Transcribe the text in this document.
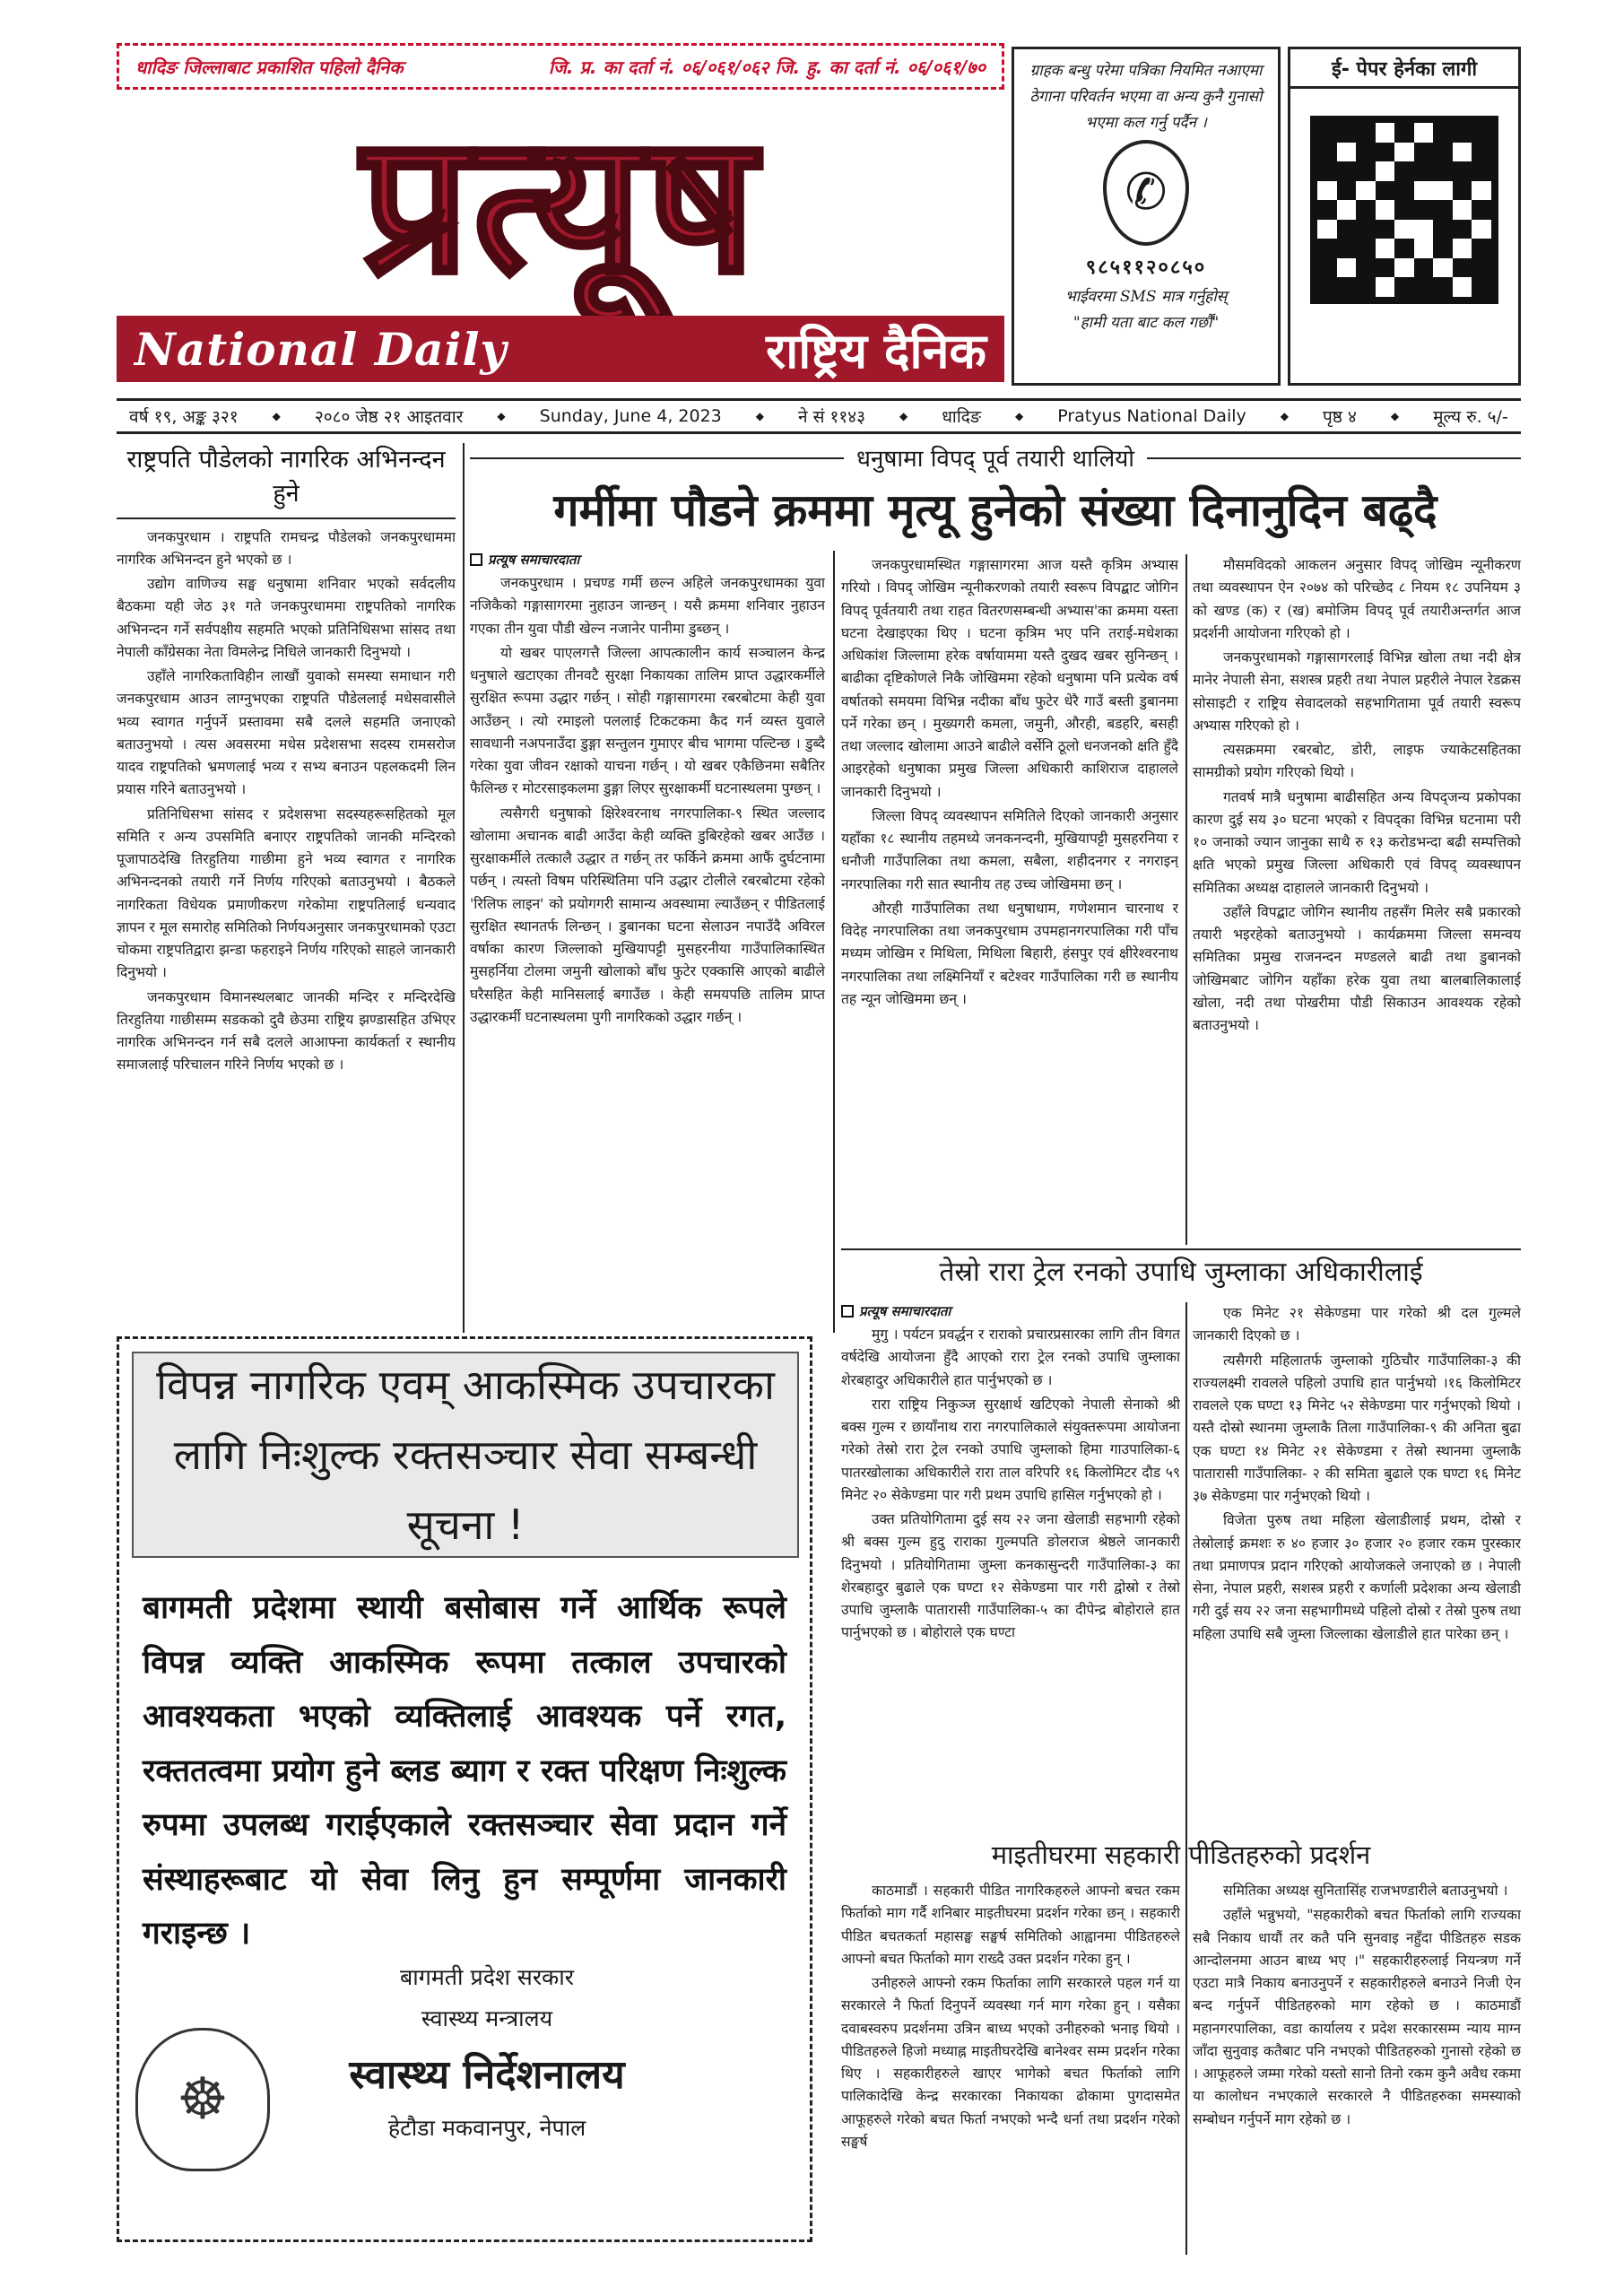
धादिङ जिल्लाबाट प्रकाशित पहिलो दैनिक	जि. प्र. का दर्ता नं. ०६/०६१/०६२ जि. हु. का दर्ता नं. ०६/०६१/७०
प्रत्यूष
National Daily	राष्ट्रिय दैनिक
ग्राहक बन्धु परेमा पत्रिका नियमित नआएमा ठेगाना परिवर्तन भएमा वा अन्य कुनै गुनासो भएमा कल गर्नु पर्दैन ।
✆
९८५११२०८५०
भाईवरमा SMS मात्र गर्नुहोस्
"हामी यता बाट कल गर्छौं"
ई- पेपर हेर्नका लागी
वर्ष १९, अङ्क ३२१	◆ २०८० जेष्ठ २१ आइतवार	◆ Sunday, June 4, 2023	◆ ने सं ११४३	◆ धादिङ	◆ Pratyus National Daily	◆ पृष्ठ ४	◆ मूल्य रु. ५/-
राष्ट्रपति पौडेलको नागरिक अभिनन्दन हुने

जनकपुरधाम । राष्ट्रपति रामचन्द्र पौडेलको जनकपुरधाममा नागरिक अभिनन्दन हुने भएको छ ।

उद्योग वाणिज्य सङ्घ धनुषामा शनिवार भएको सर्वदलीय बैठकमा यही जेठ ३१ गते जनकपुरधाममा राष्ट्रपतिको नागरिक अभिनन्दन गर्ने सर्वपक्षीय सहमति भएको प्रतिनिधिसभा सांसद तथा नेपाली काँग्रेसका नेता विमलेन्द्र निधिले जानकारी दिनुभयो ।

उहाँले नागरिकताविहीन लाखौं युवाको समस्या समाधान गरी जनकपुरधाम आउन लाग्नुभएका राष्ट्रपति पौडेललाई मधेसवासीले भव्य स्वागत गर्नुपर्ने प्रस्तावमा सबै दलले सहमति जनाएको बताउनुभयो । त्यस अवसरमा मधेस प्रदेशसभा सदस्य रामसरोज यादव राष्ट्रपतिको भ्रमणलाई भव्य र सभ्य बनाउन पहलकदमी लिन प्रयास गरिने बताउनुभयो ।

प्रतिनिधिसभा सांसद र प्रदेशसभा सदस्यहरूसहितको मूल समिति र अन्य उपसमिति बनाएर राष्ट्रपतिको जानकी मन्दिरको पूजापाठदेखि तिरहुतिया गाछीमा हुने भव्य स्वागत र नागरिक अभिनन्दनको तयारी गर्ने निर्णय गरिएको बताउनुभयो । बैठकले नागरिकता विधेयक प्रमाणीकरण गरेकोमा राष्ट्रपतिलाई धन्यवाद ज्ञापन र मूल समारोह समितिको निर्णयअनुसार जनकपुरधामको एउटा चोकमा राष्ट्रपतिद्वारा झन्डा फहराइने निर्णय गरिएको साहले जानकारी दिनुभयो ।

जनकपुरधाम विमानस्थलबाट जानकी मन्दिर र मन्दिरदेखि तिरहुतिया गाछीसम्म सडकको दुवै छेउमा राष्ट्रिय झण्डासहित उभिएर नागरिक अभिनन्दन गर्न सबै दलले आआफ्ना कार्यकर्ता र स्थानीय समाजलाई परिचालन गरिने निर्णय भएको छ ।

धनुषामा विपद् पूर्व तयारी थालियो
गर्मीमा पौडने क्रममा मृत्यू हुनेको संख्या दिनानुदिन बढ्दै
प्रत्यूष समाचारदाता

जनकपुरधाम । प्रचण्ड गर्मी छल्न अहिले जनकपुरधामका युवा नजिकैको गङ्गासागरमा नुहाउन जान्छन् । यसै क्रममा शनिवार नुहाउन गएका तीन युवा पौडी खेल्न नजानेर पानीमा डुब्छन् ।

यो खबर पाएलगत्तै जिल्ला आपत्कालीन कार्य सञ्चालन केन्द्र धनुषाले खटाएका तीनवटै सुरक्षा निकायका तालिम प्राप्त उद्धारकर्मीले सुरक्षित रूपमा उद्धार गर्छन् । सोही गङ्गासागरमा रबरबोटमा केही युवा आउँछन् । त्यो रमाइलो पललाई टिकटकमा कैद गर्न व्यस्त युवाले सावधानी नअपनाउँदा डुङ्गा सन्तुलन गुमाएर बीच भागमा पल्टिन्छ । डुब्दै गरेका युवा जीवन रक्षाको याचना गर्छन् । यो खबर एकैछिनमा सबैतिर फैलिन्छ र मोटरसाइकलमा डुङ्गा लिएर सुरक्षाकर्मी घटनास्थलमा पुग्छन् ।

त्यसैगरी धनुषाको क्षिरेश्वरनाथ नगरपालिका-९ स्थित जल्लाद खोलामा अचानक बाढी आउँदा केही व्यक्ति डुबिरहेको खबर आउँछ । सुरक्षाकर्मीले तत्कालै उद्धार त गर्छन् तर फर्किने क्रममा आफैं दुर्घटनामा पर्छन् । त्यस्तो विषम परिस्थितिमा पनि उद्धार टोलीले रबरबोटमा रहेको 'रिलिफ लाइन' को प्रयोगगरी सामान्य अवस्थामा ल्याउँछन् र पीडितलाई सुरक्षित स्थानतर्फ लिन्छन् । डुबानका घटना सेलाउन नपाउँदै अविरल वर्षाका कारण जिल्लाको मुखियापट्टी मुसहरनीया गाउँपालिकास्थित मुसहर्निया टोलमा जमुनी खोलाको बाँध फुटेर एक्कासि आएको बाढीले घरैसहित केही मानिसलाई बगाउँछ । केही समयपछि तालिम प्राप्त उद्धारकर्मी घटनास्थलमा पुगी नागरिकको उद्धार गर्छन् ।

जनकपुरधामस्थित गङ्गासागरमा आज यस्तै कृत्रिम अभ्यास गरियो । विपद् जोखिम न्यूनीकरणको तयारी स्वरूप विपद्बाट जोगिन विपद् पूर्वतयारी तथा राहत वितरणसम्बन्धी अभ्यास'का क्रममा यस्ता घटना देखाइएका थिए । घटना कृत्रिम भए पनि तराई-मधेशका अधिकांश जिल्लामा हरेक वर्षायाममा यस्तै दुखद खबर सुनिन्छन् । बाढीका दृष्टिकोणले निकै जोखिममा रहेको धनुषामा पनि प्रत्येक वर्ष वर्षातको समयमा विभिन्न नदीका बाँध फुटेर धेरै गाउँ बस्ती डुबानमा पर्ने गरेका छन् । मुख्यगरी कमला, जमुनी, औरही, बडहरि, बसही तथा जल्लाद खोलामा आउने बाढीले वर्सेनि ठूलो धनजनको क्षति हुँदै आइरहेको धनुषाका प्रमुख जिल्ला अधिकारी काशिराज दाहालले जानकारी दिनुभयो ।

जिल्ला विपद् व्यवस्थापन समितिले दिएको जानकारी अनुसार यहाँका १८ स्थानीय तहमध्ये जनकनन्दनी, मुखियापट्टी मुसहरनिया र धनौजी गाउँपालिका तथा कमला, सबैला, शहीदनगर र नगराइन् नगरपालिका गरी सात स्थानीय तह उच्च जोखिममा छन् ।

औरही गाउँपालिका तथा धनुषाधाम, गणेशमान चारनाथ र विदेह नगरपालिका तथा जनकपुरधाम उपमहानगरपालिका गरी पाँच मध्यम जोखिम र मिथिला, मिथिला बिहारी, हंसपुर एवं क्षीरेश्वरनाथ नगरपालिका तथा लक्ष्मिनियाँ र बटेश्वर गाउँपालिका गरी छ स्थानीय तह न्यून जोखिममा छन् ।

मौसमविदको आकलन अनुसार विपद् जोखिम न्यूनीकरण तथा व्यवस्थापन ऐन २०७४ को परिच्छेद ८ नियम १८ उपनियम ३ को खण्ड (क) र (ख) बमोजिम विपद् पूर्व तयारीअन्तर्गत आज प्रदर्शनी आयोजना गरिएको हो ।

जनकपुरधामको गङ्गासागरलाई विभिन्न खोला तथा नदी क्षेत्र मानेर नेपाली सेना, सशस्त्र प्रहरी तथा नेपाल प्रहरीले नेपाल रेडक्रस सोसाइटी र राष्ट्रिय सेवादलको सहभागितामा पूर्व तयारी स्वरूप अभ्यास गरिएको हो ।

त्यसक्रममा रबरबोट, डोरी, लाइफ ज्याकेटसहितका सामग्रीको प्रयोग गरिएको थियो ।

गतवर्ष मात्रै धनुषामा बाढीसहित अन्य विपद्जन्य प्रकोपका कारण दुई सय ३० घटना भएको र विपद्का विभिन्न घटनामा परी १० जनाको ज्यान जानुका साथै रु १३ करोडभन्दा बढी सम्पत्तिको क्षति भएको प्रमुख जिल्ला अधिकारी एवं विपद् व्यवस्थापन समितिका अध्यक्ष दाहालले जानकारी दिनुभयो ।

उहाँले विपद्बाट जोगिन स्थानीय तहसँग मिलेर सबै प्रकारको तयारी भइरहेको बताउनुभयो । कार्यक्रममा जिल्ला समन्वय समितिका प्रमुख राजनन्दन मण्डलले बाढी तथा डुबानको जोखिमबाट जोगिन यहाँका हरेक युवा तथा बालबालिकालाई खोला, नदी तथा पोखरीमा पौडी सिकाउन आवश्यक रहेको बताउनुभयो ।

तेस्रो रारा ट्रेल रनको उपाधि जुम्लाका अधिकारीलाई
प्रत्यूष समाचारदाता

मुगु । पर्यटन प्रवर्द्धन र राराको प्रचारप्रसारका लागि तीन विगत वर्षदेखि आयोजना हुँदै आएको रारा ट्रेल रनको उपाधि जुम्लाका शेरबहादुर अधिकारीले हात पार्नुभएको छ ।

रारा राष्ट्रिय निकुञ्ज सुरक्षार्थ खटिएको नेपाली सेनाको श्री बक्स गुल्म र छायाँनाथ रारा नगरपालिकाले संयुक्तरूपमा आयोजना गरेको तेस्रो रारा ट्रेल रनको उपाधि जुम्लाको हिमा गाउपालिका-६ पातरखोलाका अधिकारीले रारा ताल वरिपरि १६ किलोमिटर दौड ५९ मिनेट २० सेकेण्डमा पार गरी प्रथम उपाधि हासिल गर्नुभएको हो ।

उक्त प्रतियोगितामा दुई सय २२ जना खेलाडी सहभागी रहेको श्री बक्स गुल्म हुदु राराका गुल्मपति ङोलराज श्रेष्ठले जानकारी दिनुभयो । प्रतियोगितामा जुम्ला कनकासुन्दरी गाउँपालिका-३ का शेरबहादुर बुढाले एक घण्टा १२ सेकेण्डमा पार गरी द्वोस्रो र तेस्रो उपाधि जुम्लाकै पातारासी गाउँपालिका-५ का दीपेन्द्र बोहोराले हात पार्नुभएको छ । बोहोराले एक घण्टा

एक मिनेट २१ सेकेण्डमा पार गरेको श्री दल गुल्मले जानकारी दिएको छ ।

त्यसैगरी महिलातर्फ जुम्लाको गुठिचौर गाउँपालिका-३ की राज्यलक्ष्मी रावलले पहिलो उपाधि हात पार्नुभयो ।१६ किलोमिटर रावलले एक घण्टा १३ मिनेट ५२ सेकेण्डमा पार गर्नुभएको थियो । यस्तै दोस्रो स्थानमा जुम्लाकै तिला गाउँपालिका-९ की अनिता बुढा एक घण्टा १४ मिनेट २१ सेकेण्डमा र तेस्रो स्थानमा जुम्लाकै पातारासी गाउँपालिका- २ की समिता बुढाले एक घण्टा १६ मिनेट ३७ सेकेण्डमा पार गर्नुभएको थियो ।

विजेता पुरुष तथा महिला खेलाडीलाई प्रथम, दोस्रो र तेस्रोलाई क्रमशः रु ४० हजार ३० हजार २० हजार रकम पुरस्कार तथा प्रमाणपत्र प्रदान गरिएको आयोजकले जनाएको छ । नेपाली सेना, नेपाल प्रहरी, सशस्त्र प्रहरी र कर्णाली प्रदेशका अन्य खेलाडी गरी दुई सय २२ जना सहभागीमध्ये पहिलो दोस्रो र तेस्रो पुरुष तथा महिला उपाधि सबै जुम्ला जिल्लाका खेलाडीले हात पारेका छन् ।

माइतीघरमा सहकारी पीडितहरुको प्रदर्शन

काठमाडौं । सहकारी पीडित नागरिकहरुले आफ्नो बचत रकम फिर्ताको माग गर्दै शनिबार माइतीघरमा प्रदर्शन गरेका छन् । सहकारी पीडित बचतकर्ता महासङ्घ सङ्घर्ष समितिको आह्वानमा पीडितहरुले आफ्नो बचत फिर्ताको माग राख्दै उक्त प्रदर्शन गरेका हुन् ।

उनीहरुले आफ्नो रकम फिर्ताका लागि सरकारले पहल गर्न या सरकारले नै फिर्ता दिनुपर्ने व्यवस्था गर्न माग गरेका हुन् । यसैका दवाबस्वरुप प्रदर्शनमा उत्रिन बाध्य भएको उनीहरुको भनाइ थियो । पीडितहरुले हिजो मध्याह्न माइतीघरदेखि बानेश्वर सम्म प्रदर्शन गरेका थिए । सहकारीहरुले खाएर भागेको बचत फिर्ताको लागि पालिकादेखि केन्द्र सरकारका निकायका ढोकामा पुगदासमेत आफूहरुले गरेको बचत फिर्ता नभएको भन्दै धर्ना तथा प्रदर्शन गरेको सङ्घर्ष

समितिका अध्यक्ष सुनितासिंह राजभण्डारीले बताउनुभयो ।

उहाँले भन्नुभयो, "सहकारीको बचत फिर्ताको लागि राज्यका सबै निकाय धायौं तर कतै पनि सुनवाइ नहुँदा पीडितहरु सडक आन्दोलनमा आउन बाध्य भए ।" सहकारीहरुलाई नियन्त्रण गर्ने एउटा मात्रै निकाय बनाउनुपर्ने र सहकारीहरुले बनाउने निजी ऐन बन्द गर्नुपर्ने पीडितहरुको माग रहेको छ । काठमाडौं महानगरपालिका, वडा कार्यालय र प्रदेश सरकारसम्म न्याय माग्न जाँदा सुनुवाइ कतैबाट पनि नभएको पीडितहरुको गुनासो रहेको छ । आफूहरुले जम्मा गरेको यस्तो सानो तिनो रकम कुनै अवैध रकमा या कालोधन नभएकाले सरकारले नै पीडितहरुका समस्याको सम्बोधन गर्नुपर्ने माग रहेको छ ।

विपन्न नागरिक एवम् आकस्मिक उपचारका लागि निःशुल्क रक्तसञ्चार सेवा सम्बन्धी सूचना !
बागमती प्रदेशमा स्थायी बसोबास गर्ने आर्थिक रूपले विपन्न व्यक्ति आकस्मिक रूपमा तत्काल उपचारको आवश्यकता भएको व्यक्तिलाई आवश्यक पर्ने रगत, रक्ततत्वमा प्रयोग हुने ब्लड ब्याग र रक्त परिक्षण निःशुल्क रुपमा उपलब्ध गराईएकाले रक्तसञ्चार सेवा प्रदान गर्ने संस्थाहरूबाट यो सेवा लिनु हुन सम्पूर्णमा जानकारी गराइन्छ ।
☸
बागमती प्रदेश सरकार
स्वास्थ्य मन्त्रालय
स्वास्थ्य निर्देशनालय
हेटौडा मकवानपुर, नेपाल
